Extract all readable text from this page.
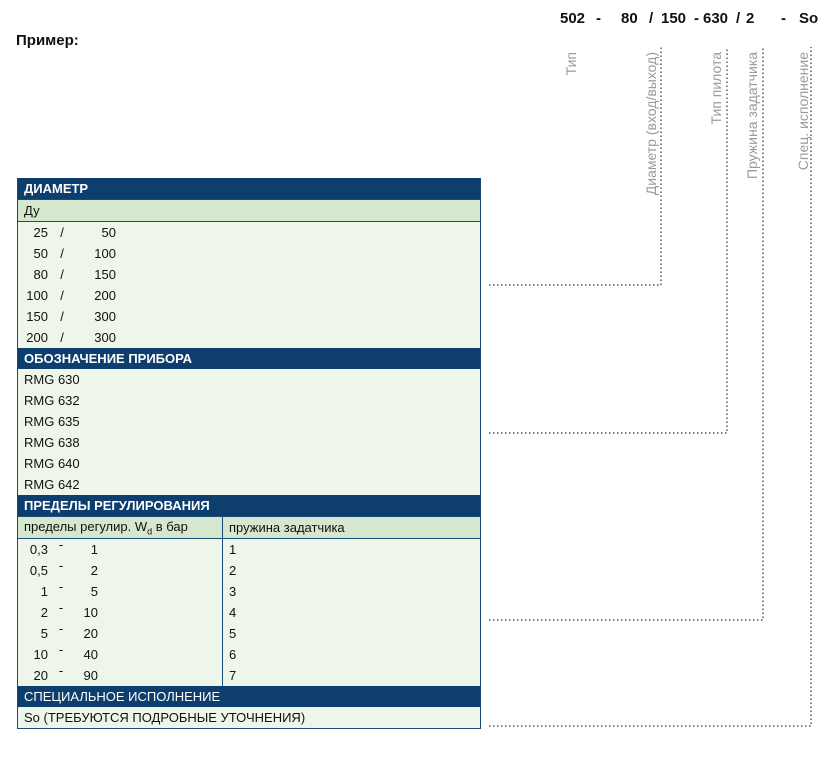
Пример:
502 - 80 / 150 - 630 / 2 - So
Тип	Диаметр (вход/выход)	Тип пилота Пружина задатчика	Спец. исполнение
ДИАМЕТР	
Ду	
25 / 50	
50 / 100	
80 / 150	
100 / 200	
150 / 300	
200 / 300	
ОБОЗНАЧЕНИЕ ПРИБОРА	
RMG 630	
RMG 632	
RMG 635	
RMG 638	
RMG 640	
RMG 642	
ПРЕДЕЛЫ РЕГУЛИРОВАНИЯ	
пределы регулир. $W_d$ в бар	пружина задатчика
0,3 - 1	1
0,5 - 2	2
1 - 5	3
2 - 10	4
5 - 20	5
10 - 40	6
20 - 90	7
СПЕЦИАЛЬНОЕ ИСПОЛНЕНИЕ	
So (ТРЕБУЮТСЯ ПОДРОБНЫЕ УТОЧНЕНИЯ)	
